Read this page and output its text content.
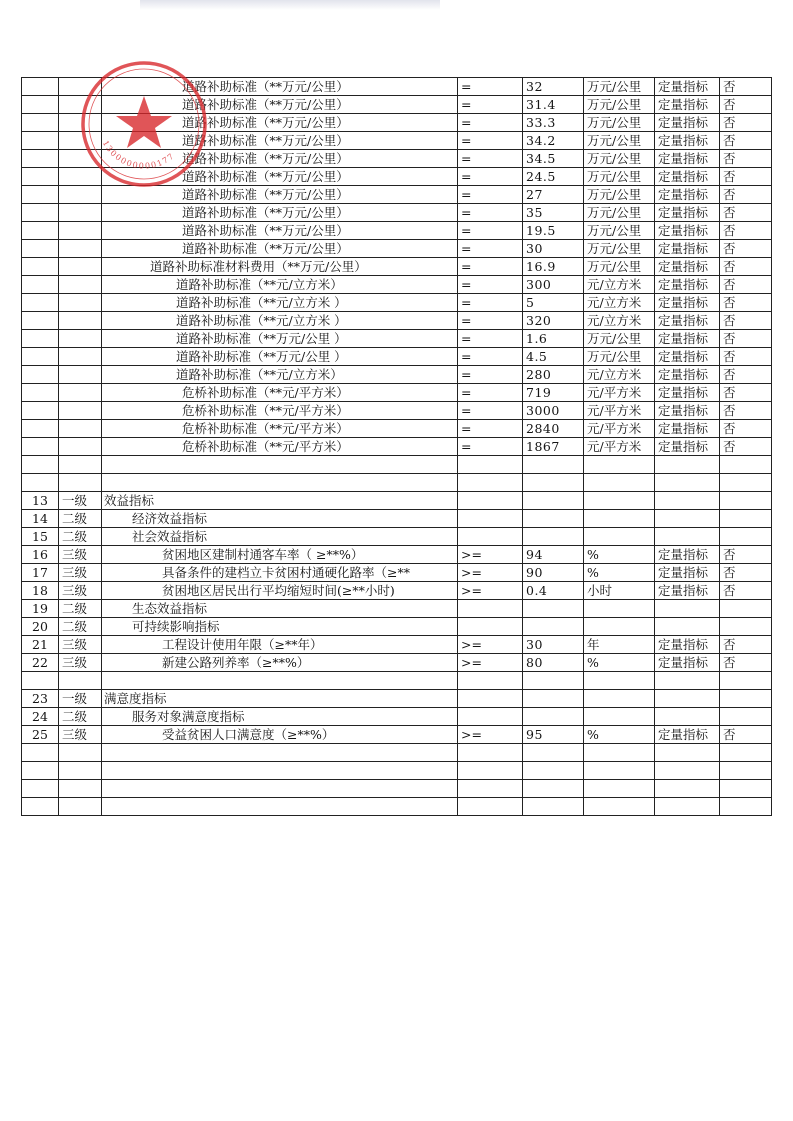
		道路补助标准（**万元/公里）	=	32	万元/公里	定量指标	否
		道路补助标准（**万元/公里）	=	31.4	万元/公里	定量指标	否
		道路补助标准（**万元/公里）	=	33.3	万元/公里	定量指标	否
		道路补助标准（**万元/公里）	=	34.2	万元/公里	定量指标	否
		道路补助标准（**万元/公里）	=	34.5	万元/公里	定量指标	否
		道路补助标准（**万元/公里）	=	24.5	万元/公里	定量指标	否
		道路补助标准（**万元/公里）	=	27	万元/公里	定量指标	否
		道路补助标准（**万元/公里）	=	35	万元/公里	定量指标	否
		道路补助标准（**万元/公里）	=	19.5	万元/公里	定量指标	否
		道路补助标准（**万元/公里）	=	30	万元/公里	定量指标	否
		道路补助标准材料费用（**万元/公里）	=	16.9	万元/公里	定量指标	否
		道路补助标准（**元/立方米）	=	300	元/立方米	定量指标	否
		道路补助标准（**元/立方米 ）	=	5	元/立方米	定量指标	否
		道路补助标准（**元/立方米 ）	=	320	元/立方米	定量指标	否
		道路补助标准（**万元/公里 ）	=	1.6	万元/公里	定量指标	否
		道路补助标准（**万元/公里 ）	=	4.5	万元/公里	定量指标	否
		道路补助标准（**元/立方米）	=	280	元/立方米	定量指标	否
		危桥补助标准（**元/平方米）	=	719	元/平方米	定量指标	否
		危桥补助标准（**元/平方米）	=	3000	元/平方米	定量指标	否
		危桥补助标准（**元/平方米）	=	2840	元/平方米	定量指标	否
		危桥补助标准（**元/平方米）	=	1867	元/平方米	定量指标	否

13	一级	效益指标					
14	二级	经济效益指标					
15	二级	社会效益指标					
16	三级	贫困地区建制村通客车率（ ≥**%）	>=	94	%	定量指标	否
17	三级	具备条件的建档立卡贫困村通硬化路率（≥**	>=	90	%	定量指标	否
18	三级	贫困地区居民出行平均缩短时间(≥**小时)	>=	0.4	小时	定量指标	否
19	二级	生态效益指标					
20	二级	可持续影响指标					
21	三级	工程设计使用年限（≥**年）	>=	30	年	定量指标	否
22	三级	新建公路列养率（≥**%）	>=	80	%	定量指标	否

23	一级	满意度指标					
24	二级	服务对象满意度指标					
25	三级	受益贫困人口满意度（≥**%）	>=	95	%	定量指标	否

1300000000177
